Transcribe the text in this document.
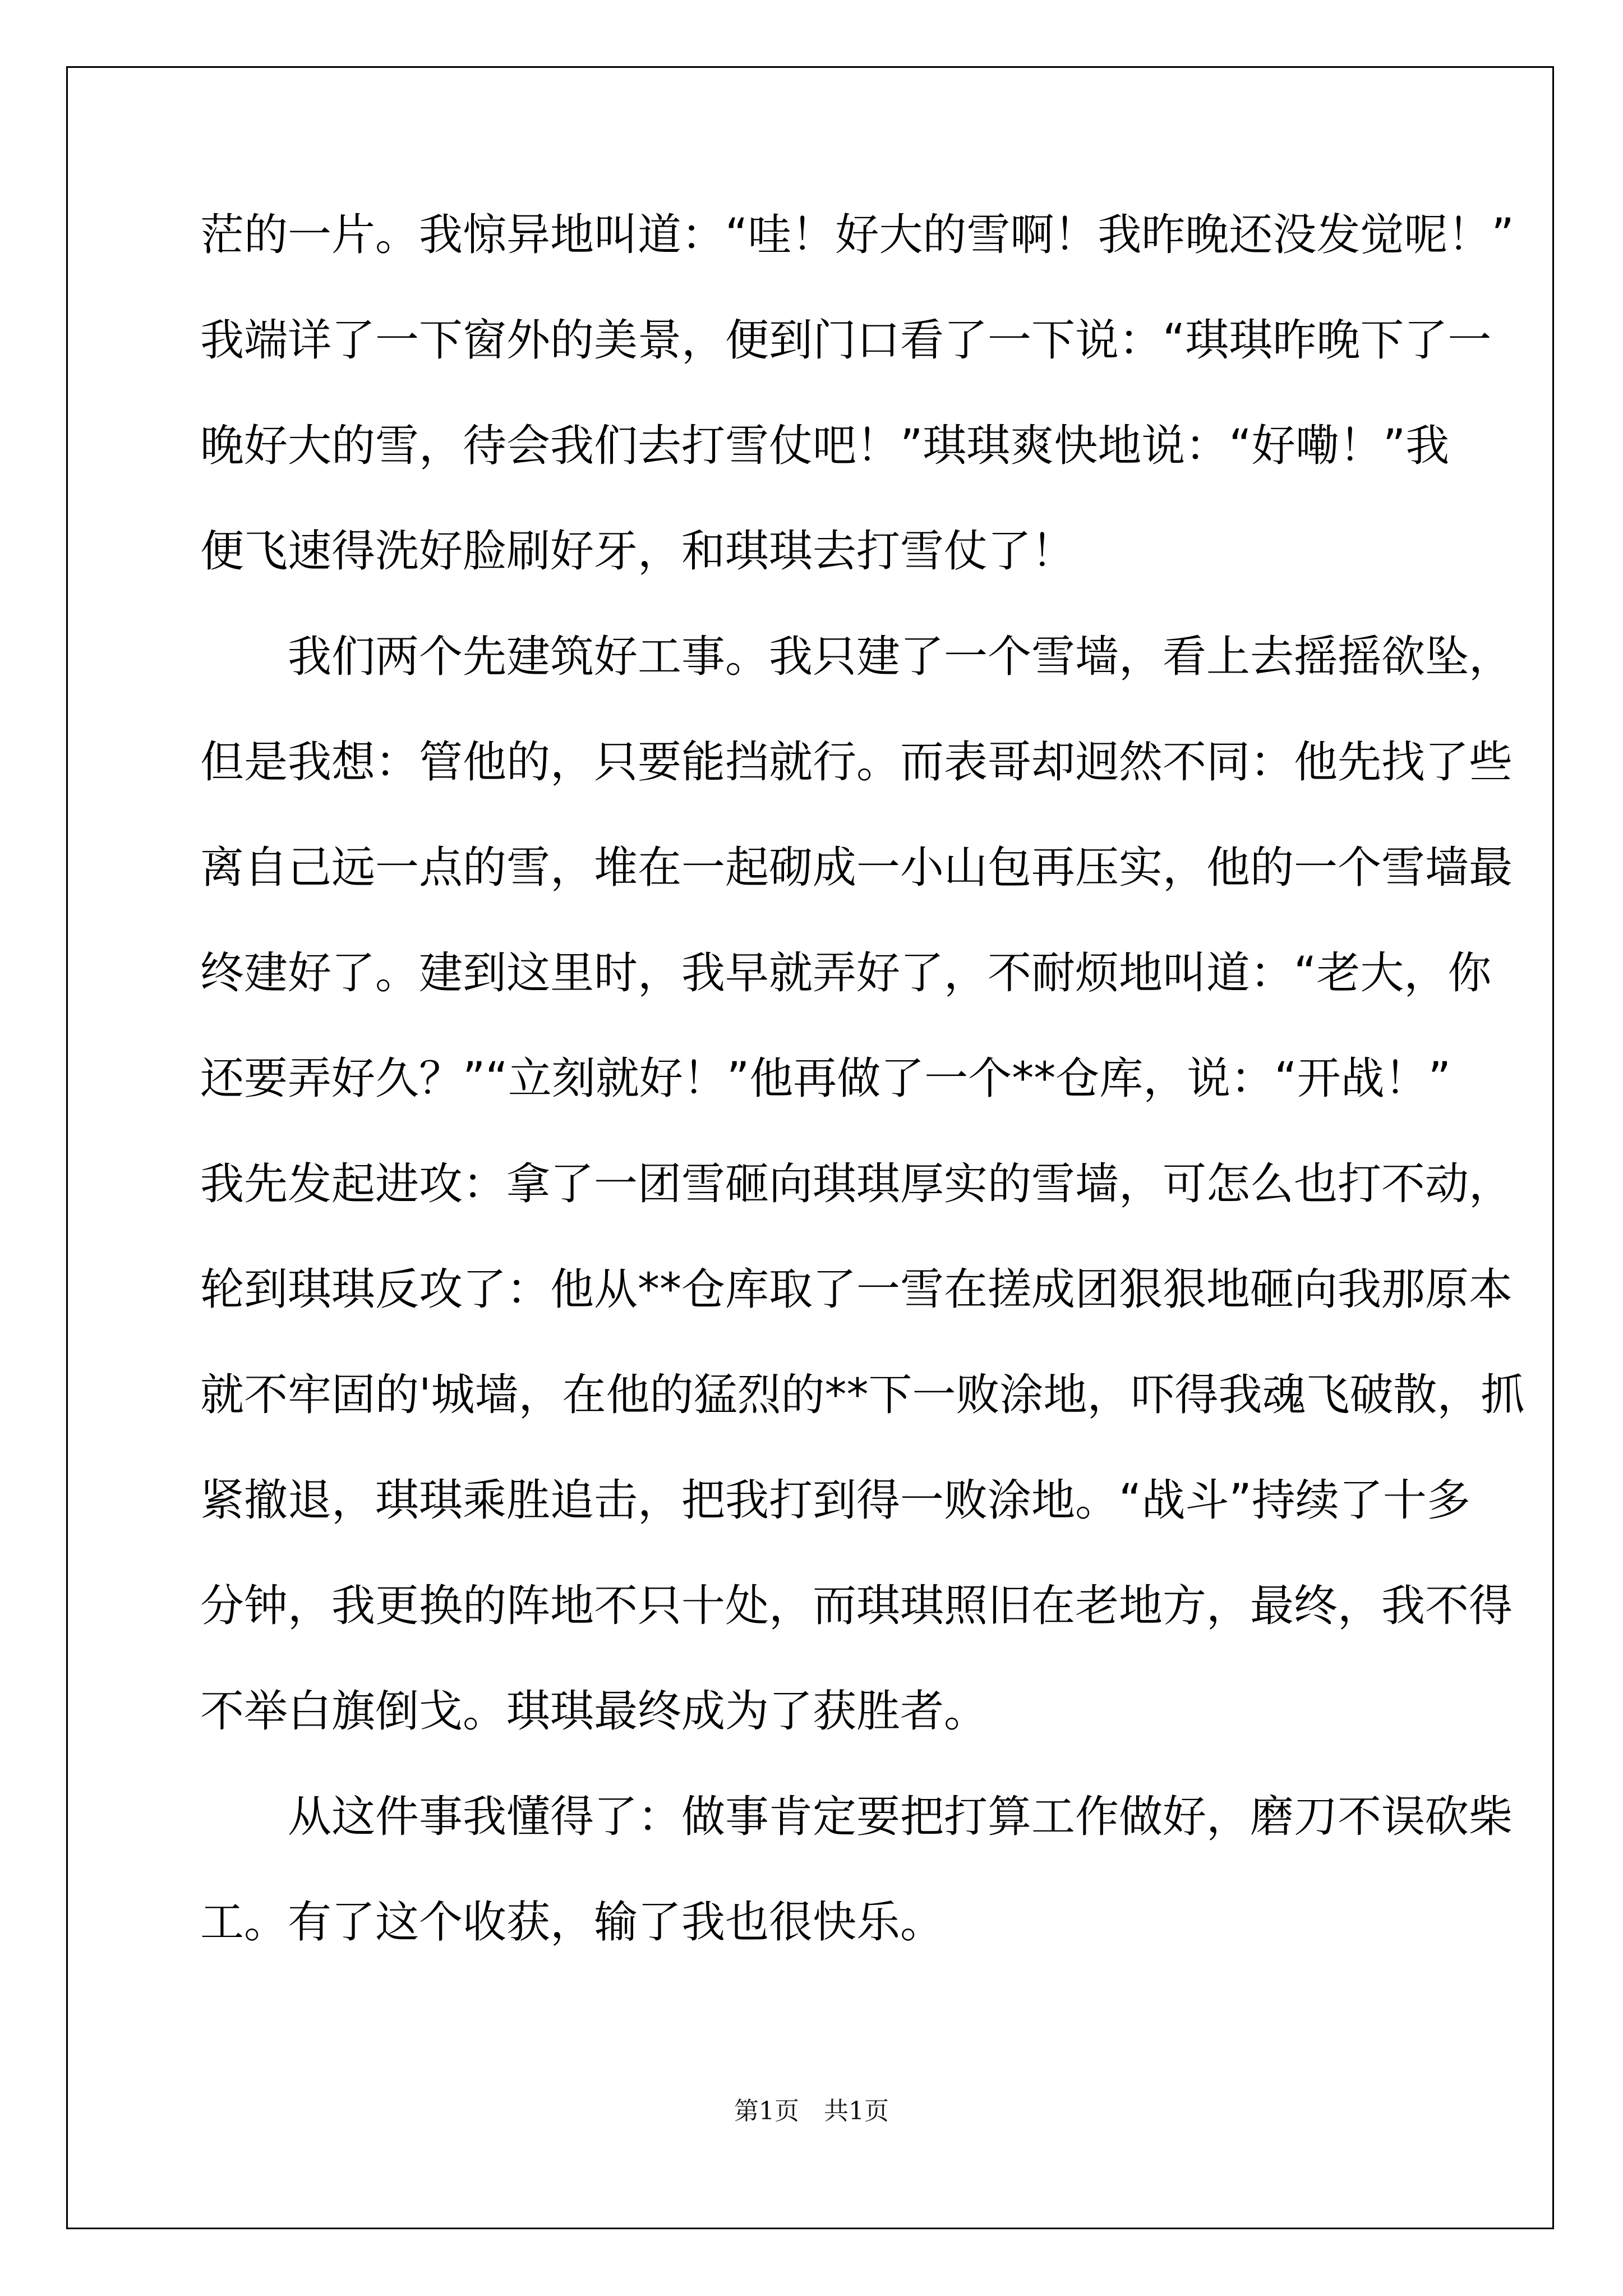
茫的一片。我惊异地叫道：“哇！好大的雪啊！我昨晚还没发觉呢！”
我端详了一下窗外的美景，便到门口看了一下说：“琪琪昨晚下了一
晚好大的雪，待会我们去打雪仗吧！”琪琪爽快地说：“好嘞！”我
便飞速得洗好脸刷好牙，和琪琪去打雪仗了！
　　我们两个先建筑好工事。我只建了一个雪墙，看上去摇摇欲坠，
但是我想：管他的，只要能挡就行。而表哥却迥然不同：他先找了些
离自己远一点的雪，堆在一起砌成一小山包再压实，他的一个雪墙最
终建好了。建到这里时，我早就弄好了，不耐烦地叫道：“老大，你
还要弄好久？”“立刻就好！”他再做了一个**仓库，说：“开战！”
我先发起进攻：拿了一团雪砸向琪琪厚实的雪墙，可怎么也打不动，
轮到琪琪反攻了：他从**仓库取了一雪在搓成团狠狠地砸向我那原本
就不牢固的'城墙，在他的猛烈的**下一败涂地，吓得我魂飞破散，抓
紧撤退，琪琪乘胜追击，把我打到得一败涂地。“战斗”持续了十多
分钟，我更换的阵地不只十处，而琪琪照旧在老地方，最终，我不得
不举白旗倒戈。琪琪最终成为了获胜者。
　　从这件事我懂得了：做事肯定要把打算工作做好，磨刀不误砍柴
工。有了这个收获，输了我也很快乐。
第1页　共1页
